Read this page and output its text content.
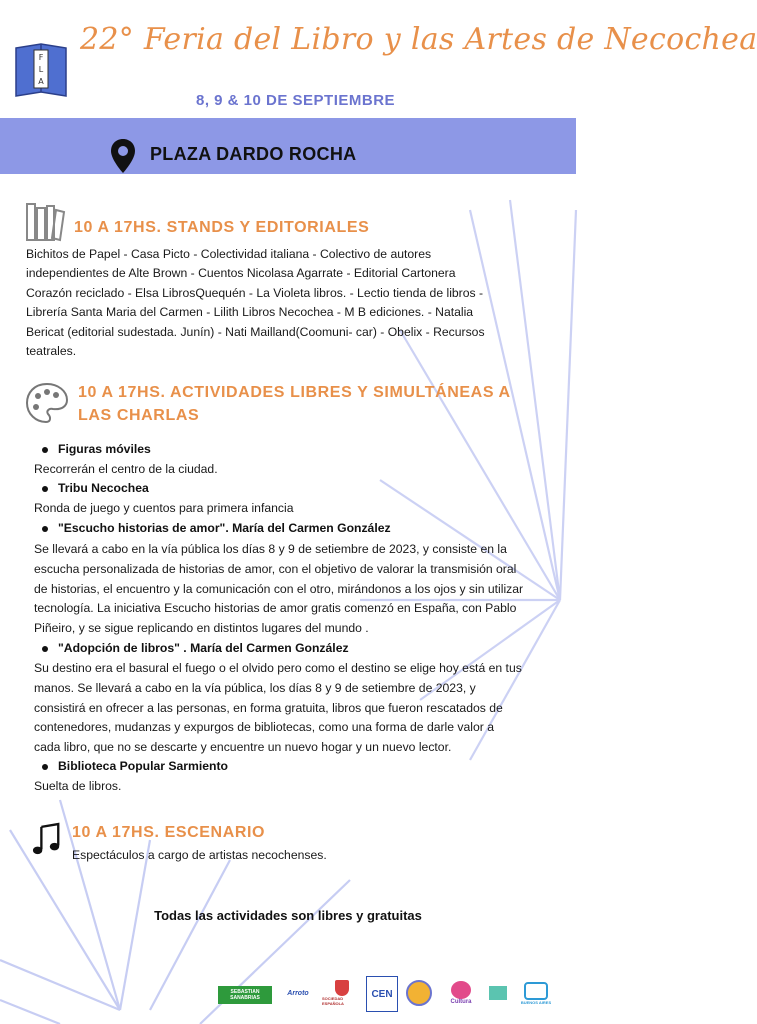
F
L
A
22° Feria del Libro y las Artes de Necochea
8, 9 & 10 DE SEPTIEMBRE
PLAZA DARDO ROCHA
10 A 17HS. STANDS Y EDITORIALES
Bichitos de Papel - Casa Picto - Colectividad italiana - Colectivo de autores
independientes de Alte Brown - Cuentos Nicolasa Agarrate - Editorial Cartonera
Corazón reciclado - Elsa LibrosQuequén - La Violeta libros. - Lectio tienda de libros -
Librería Santa Maria del Carmen - Lilith Libros Necochea - M B ediciones. - Natalia
Bericat (editorial sudestada. Junín) - Nati Mailland(Coomuni- car) - Obelix - Recursos
teatrales.
10 A 17HS. ACTIVIDADES LIBRES Y SIMULTÁNEAS A
LAS CHARLAS
Figuras móviles
Recorrerán el centro de la ciudad.
Tribu Necochea
Ronda de juego y cuentos para primera infancia
"Escucho historias de amor". María del Carmen González
Se llevará a cabo en la vía pública los días 8 y 9 de setiembre de 2023, y consiste en la
escucha personalizada de historias de amor, con el objetivo de valorar la transmisión oral
de historias, el encuentro y la comunicación con el otro, mirándonos a los ojos y sin utilizar
tecnología. La iniciativa Escucho historias de amor gratis comenzó en España, con Pablo
Piñeiro, y se sigue replicando en distintos lugares del mundo .
"Adopción de libros" . María del Carmen González
Su destino era el basural el fuego o el olvido pero como el destino se elige hoy está en tus
manos. Se llevará a cabo en la vía pública, los días 8 y 9 de setiembre de 2023, y
consistirá en ofrecer a las personas, en forma gratuita, libros que fueron rescatados de
contenedores, mudanzas y expurgos de bibliotecas, como una forma de darle valor a
cada libro, que no se descarte y encuentre un nuevo hogar y un nuevo lector.
Biblioteca Popular Sarmiento
Suelta de libros.
10 A 17HS. ESCENARIO
Espectáculos a cargo de artistas necochenses.
Todas las actividades son libres y gratuitas
SEBASTIAN SANABRIAS
Arroto
SOCIEDAD ESPAÑOLA
CEN
Cultura	BUENOS AIRES
